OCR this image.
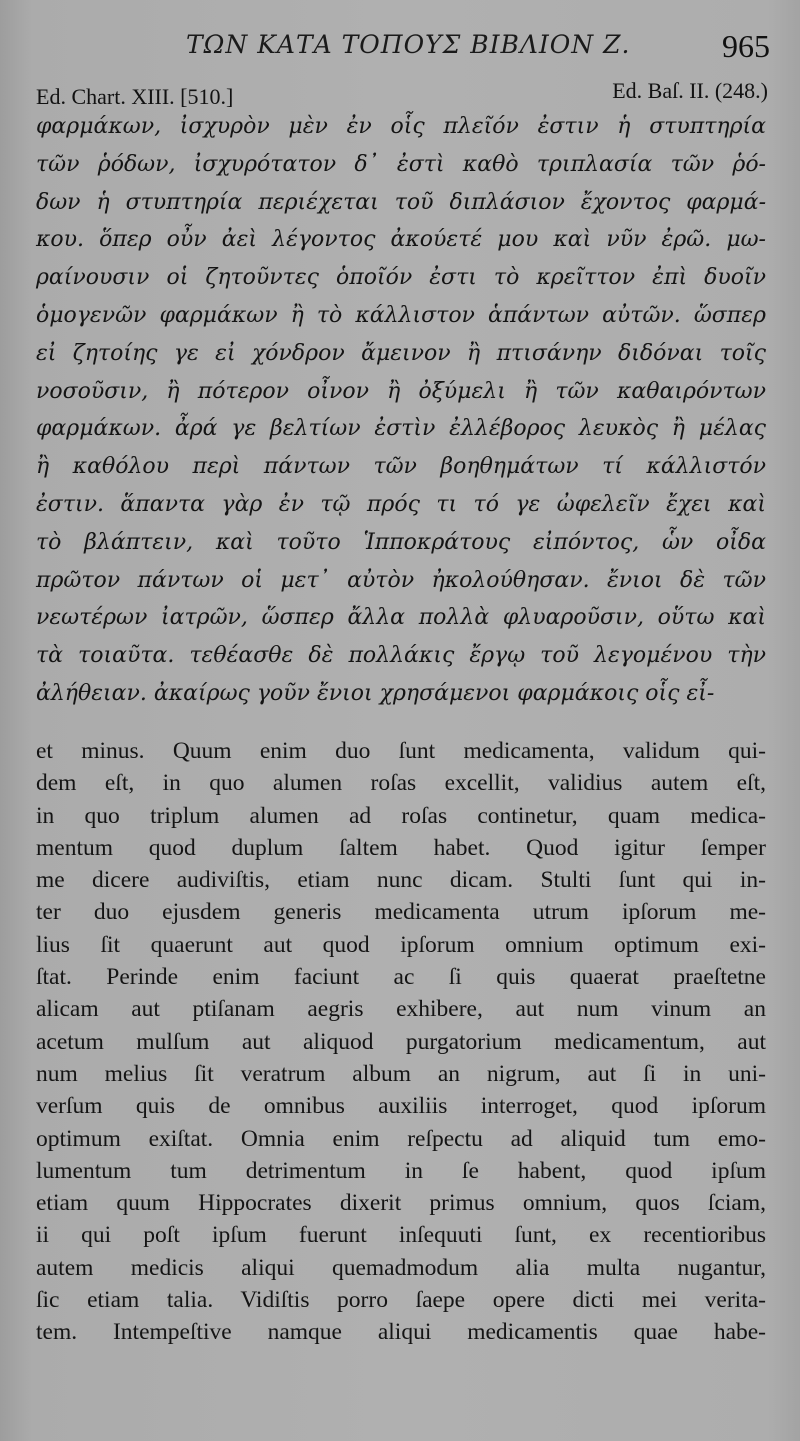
ΤΩΝ ΚΑΤΑ ΤΟΠΟΥΣ ΒΙΒΛΙΟΝ Ζ.	965
Ed. Chart. XIII. [510.]	Ed. Baſ. II. (248.)
φαρμάκων, ἰσχυρὸν μὲν ἐν οἷς πλεῖόν ἐστιν ἡ στυπτηρία
τῶν ῥόδων, ἰσχυρότατον δ᾽ ἐστὶ καθὸ τριπλασία τῶν ῥό-
δων ἡ στυπτηρία περιέχεται τοῦ διπλάσιον ἔχοντος φαρμά-
κου. ὅπερ οὖν ἀεὶ λέγοντος ἀκούετέ μου καὶ νῦν ἐρῶ. μω-
ραίνουσιν οἱ ζητοῦντες ὁποῖόν ἐστι τὸ κρεῖττον ἐπὶ δυοῖν
ὁμογενῶν φαρμάκων ἢ τὸ κάλλιστον ἁπάντων αὐτῶν. ὥσπερ
εἰ ζητοίης γε εἰ χόνδρον ἄμεινον ἢ πτισάνην διδόναι τοῖς
νοσοῦσιν, ἢ πότερον οἶνον ἢ ὀξύμελι ἢ τῶν καθαιρόντων
φαρμάκων. ἆρά γε βελτίων ἐστὶν ἐλλέβορος λευκὸς ἢ μέλας
ἢ καθόλου περὶ πάντων τῶν βοηθημάτων τί κάλλιστόν
ἐστιν. ἅπαντα γὰρ ἐν τῷ πρός τι τό γε ὠφελεῖν ἔχει καὶ
τὸ βλάπτειν, καὶ τοῦτο Ἱπποκράτους εἰπόντος, ὧν οἶδα
πρῶτον πάντων οἱ μετ᾽ αὐτὸν ἠκολούθησαν. ἔνιοι δὲ τῶν
νεωτέρων ἰατρῶν, ὥσπερ ἄλλα πολλὰ φλυαροῦσιν, οὕτω καὶ
τὰ τοιαῦτα. τεθέασθε δὲ πολλάκις ἔργῳ τοῦ λεγομένου τὴν
ἀλήθειαν. ἀκαίρως γοῦν ἔνιοι χρησάμενοι φαρμάκοις οἷς εἶ-
et minus. Quum enim duo ſunt medicamenta, validum qui-
dem eſt, in quo alumen roſas excellit, validius autem eſt,
in quo triplum alumen ad roſas continetur, quam medica-
mentum quod duplum ſaltem habet. Quod igitur ſemper
me dicere audiviſtis, etiam nunc dicam. Stulti ſunt qui in-
ter duo ejusdem generis medicamenta utrum ipſorum me-
lius ſit quaerunt aut quod ipſorum omnium optimum exi-
ſtat. Perinde enim faciunt ac ſi quis quaerat praeſtetne
alicam aut ptiſanam aegris exhibere, aut num vinum an
acetum mulſum aut aliquod purgatorium medicamentum, aut
num melius ſit veratrum album an nigrum, aut ſi in uni-
verſum quis de omnibus auxiliis interroget, quod ipſorum
optimum exiſtat. Omnia enim reſpectu ad aliquid tum emo-
lumentum tum detrimentum in ſe habent, quod ipſum
etiam quum Hippocrates dixerit primus omnium, quos ſciam,
ii qui poſt ipſum fuerunt inſequuti ſunt, ex recentioribus
autem medicis aliqui quemadmodum alia multa nugantur,
ſic etiam talia. Vidiſtis porro ſaepe opere dicti mei verita-
tem. Intempeſtive namque aliqui medicamentis quae habe-
